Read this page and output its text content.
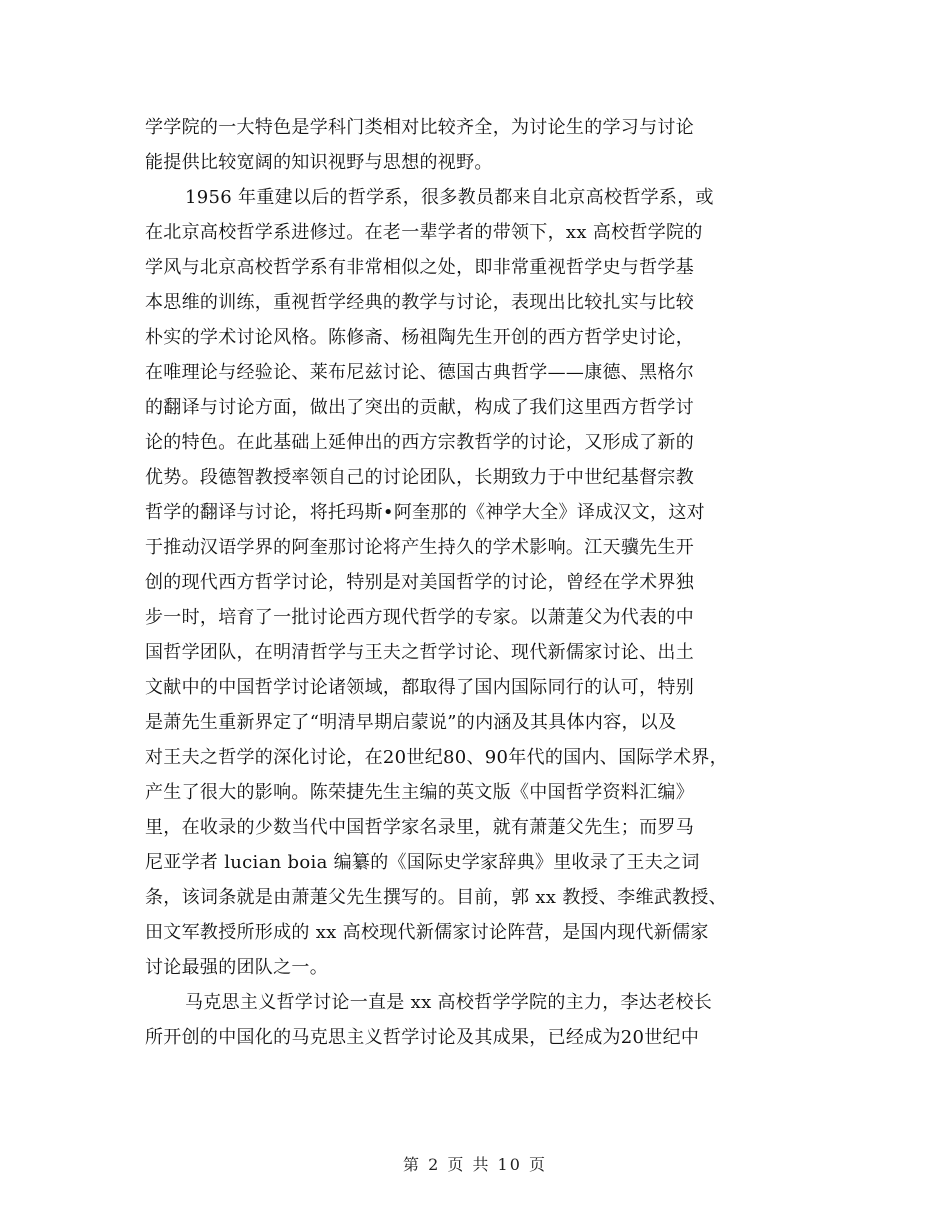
学学院的一大特色是学科门类相对比较齐全，为讨论生的学习与讨论
能提供比较宽阔的知识视野与思想的视野。
1956 年重建以后的哲学系，很多教员都来自北京高校哲学系，或
在北京高校哲学系进修过。在老一辈学者的带领下，xx 高校哲学院的
学风与北京高校哲学系有非常相似之处，即非常重视哲学史与哲学基
本思维的训练，重视哲学经典的教学与讨论，表现出比较扎实与比较
朴实的学术讨论风格。陈修斋、杨祖陶先生开创的西方哲学史讨论，
在唯理论与经验论、莱布尼兹讨论、德国古典哲学——康德、黑格尔
的翻译与讨论方面，做出了突出的贡献，构成了我们这里西方哲学讨
论的特色。在此基础上延伸出的西方宗教哲学的讨论，又形成了新的
优势。段德智教授率领自己的讨论团队，长期致力于中世纪基督宗教
哲学的翻译与讨论，将托玛斯•阿奎那的《神学大全》译成汉文，这对
于推动汉语学界的阿奎那讨论将产生持久的学术影响。江天骥先生开
创的现代西方哲学讨论，特别是对美国哲学的讨论，曾经在学术界独
步一时，培育了一批讨论西方现代哲学的专家。以萧萐父为代表的中
国哲学团队，在明清哲学与王夫之哲学讨论、现代新儒家讨论、出土
文献中的中国哲学讨论诸领域，都取得了国内国际同行的认可，特别
是萧先生重新界定了“明清早期启蒙说”的内涵及其具体内容，以及
对王夫之哲学的深化讨论，在20世纪80、90年代的国内、国际学术界，
产生了很大的影响。陈荣捷先生主编的英文版《中国哲学资料汇编》
里，在收录的少数当代中国哲学家名录里，就有萧萐父先生；而罗马
尼亚学者 lucian boia 编纂的《国际史学家辞典》里收录了王夫之词
条，该词条就是由萧萐父先生撰写的。目前，郭 xx 教授、李维武教授、
田文军教授所形成的 xx 高校现代新儒家讨论阵营，是国内现代新儒家
讨论最强的团队之一。
马克思主义哲学讨论一直是 xx 高校哲学学院的主力，李达老校长
所开创的中国化的马克思主义哲学讨论及其成果，已经成为20世纪中
第 2 页 共 10 页
